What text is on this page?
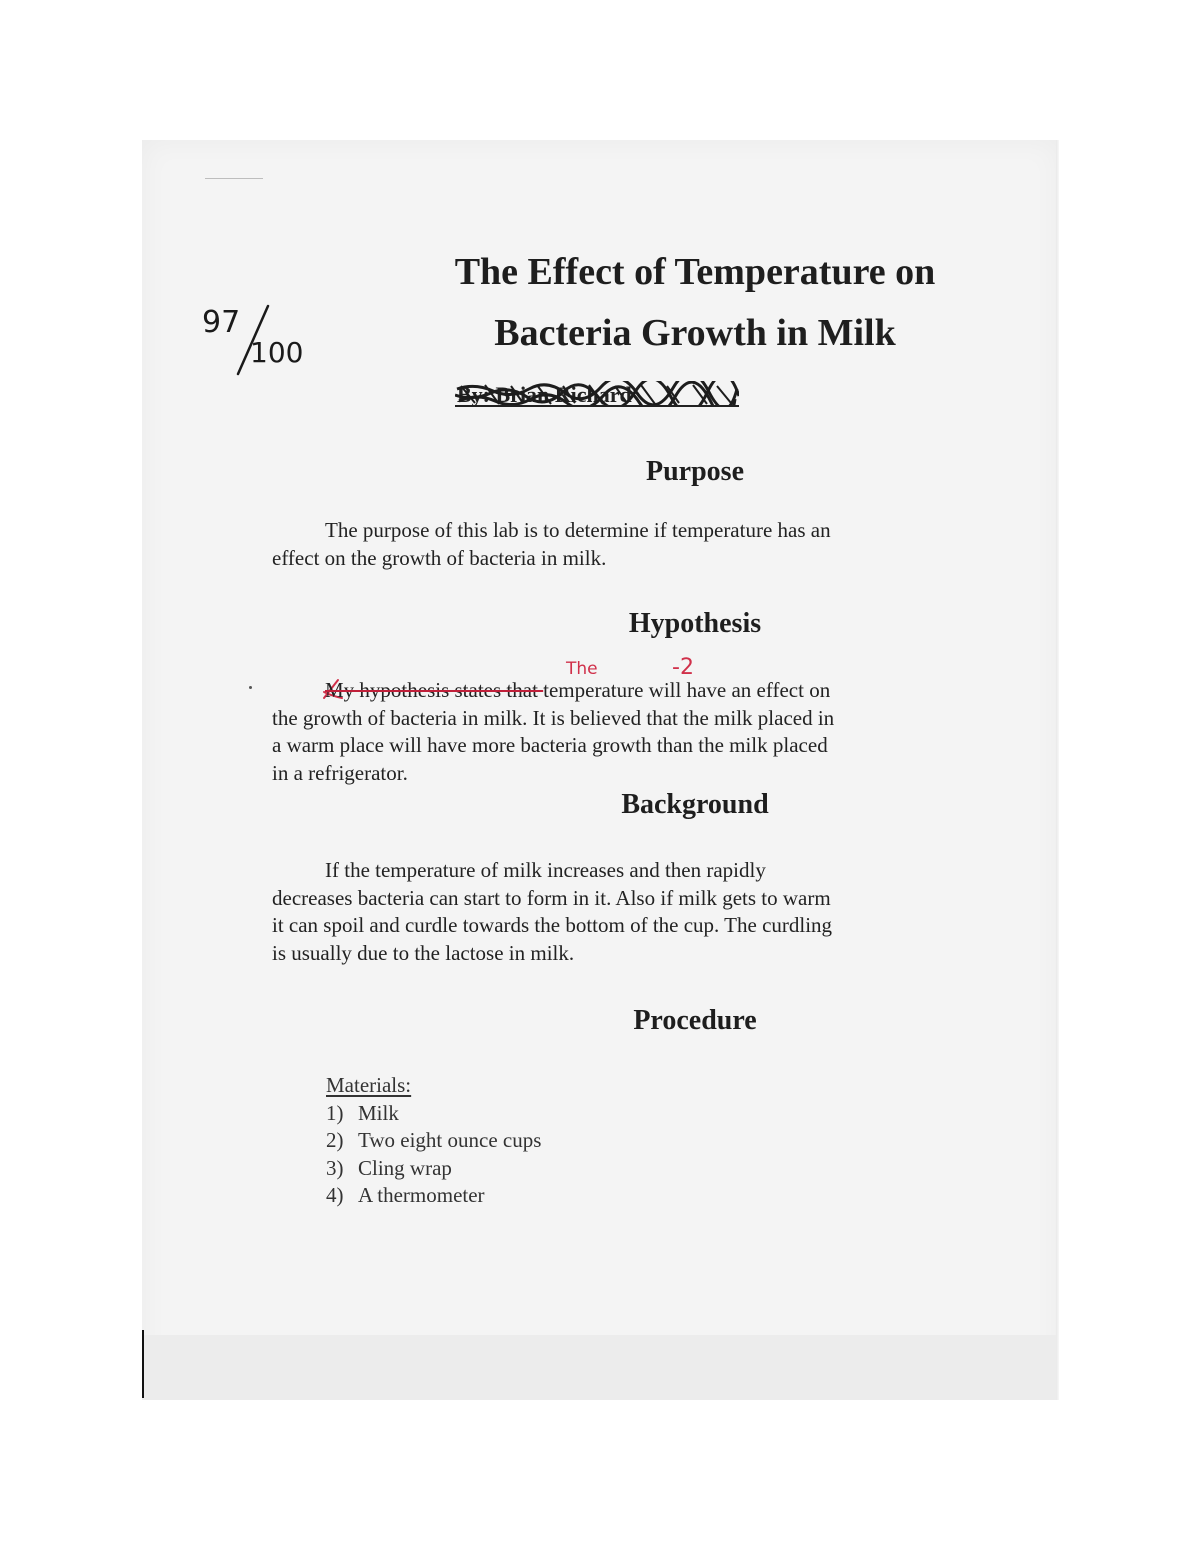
The Effect of Temperature on
Bacteria Growth in Milk
By: Brian Richard
97
100
Purpose
The purpose of this lab is to determine if temperature has an
effect on the growth of bacteria in milk.
Hypothesis
The	-2
My hypothesis states that temperature will have an effect on
the growth of bacteria in milk. It is believed that the milk placed in
a warm place will have more bacteria growth than the milk placed
in a refrigerator.
Background
If the temperature of milk increases and then rapidly
decreases bacteria can start to form in it. Also if milk gets to warm
it can spoil and curdle towards the bottom of the cup. The curdling
is usually due to the lactose in milk.
Procedure
Materials:
1) Milk
2) Two eight ounce cups
3) Cling wrap
4) A thermometer
